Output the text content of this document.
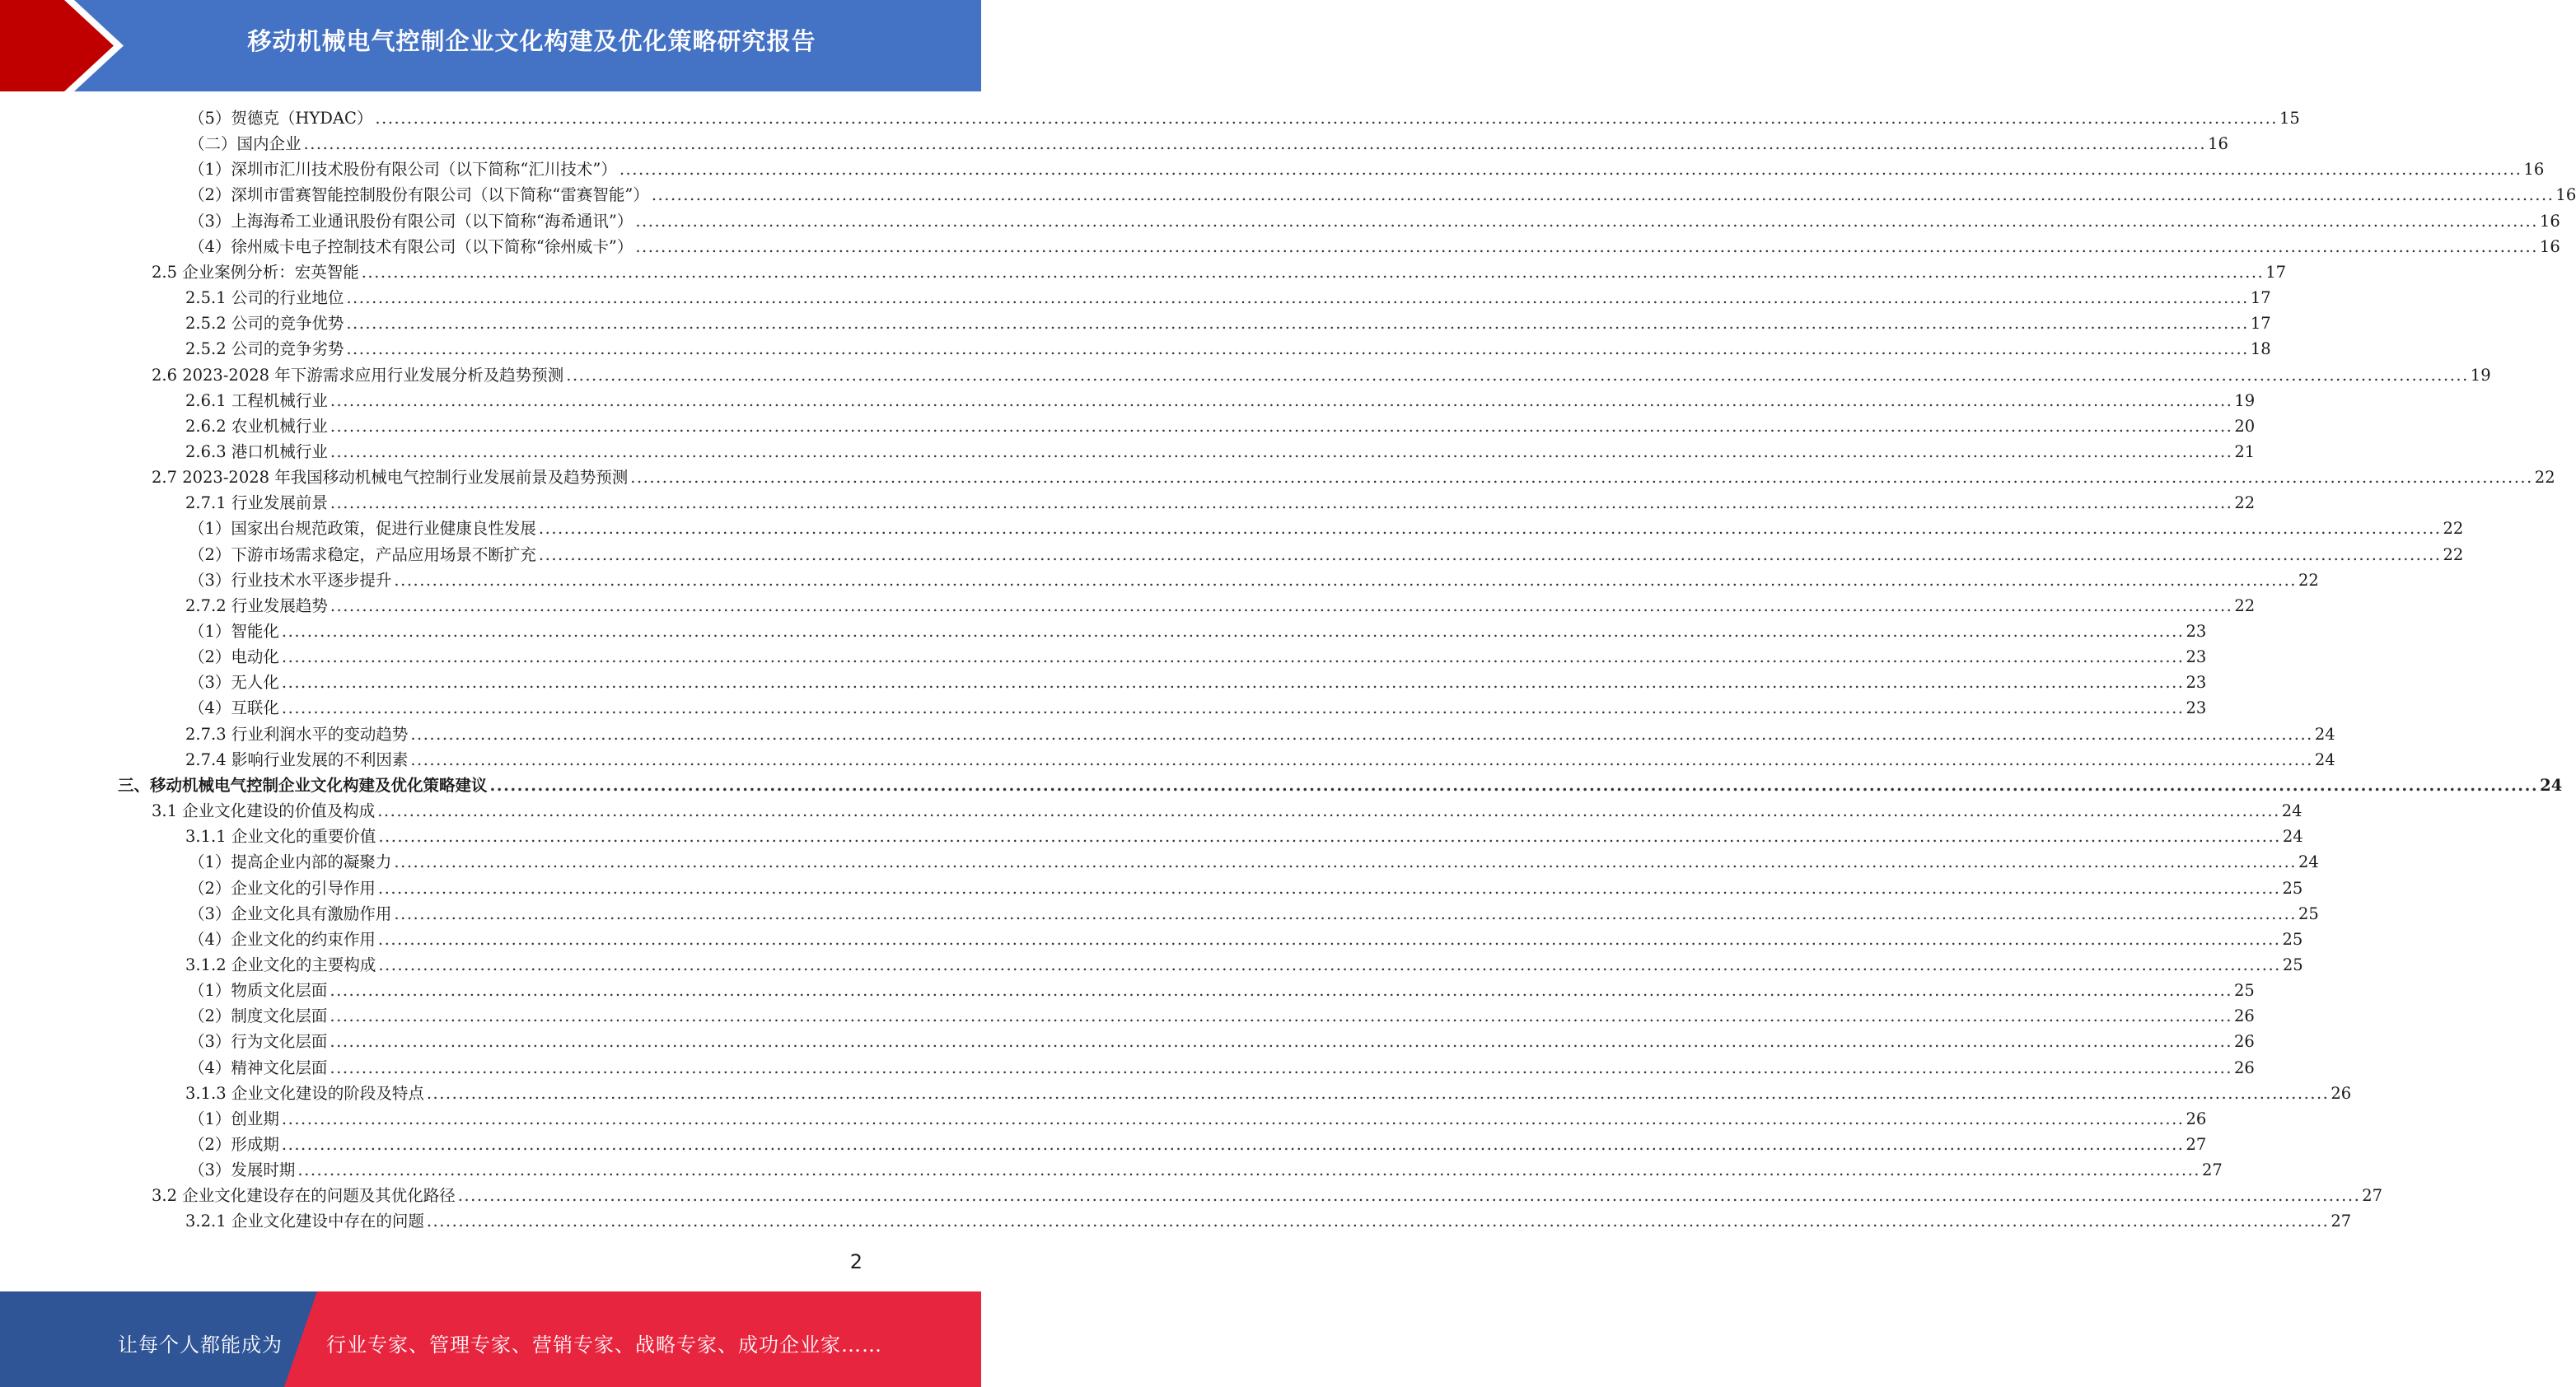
移动机械电气控制企业文化构建及优化策略研究报告
（5）贺德克（HYDAC） ............................................................................................................................................................................................................................................................................................................ 15
（二）国内企业 ............................................................................................................................................................................................................................................................................................................ 16
（1）深圳市汇川技术股份有限公司（以下简称“汇川技术”） ............................................................................................................................................................................................................................................................................................................ 16
（2）深圳市雷赛智能控制股份有限公司（以下简称“雷赛智能”） ............................................................................................................................................................................................................................................................................................................ 16
（3）上海海希工业通讯股份有限公司（以下简称“海希通讯”） ............................................................................................................................................................................................................................................................................................................ 16
（4）徐州威卡电子控制技术有限公司（以下简称“徐州威卡”） ............................................................................................................................................................................................................................................................................................................ 16
2.5 企业案例分析：宏英智能 ............................................................................................................................................................................................................................................................................................................ 17
2.5.1 公司的行业地位 ............................................................................................................................................................................................................................................................................................................ 17
2.5.2 公司的竞争优势 ............................................................................................................................................................................................................................................................................................................ 17
2.5.2 公司的竞争劣势 ............................................................................................................................................................................................................................................................................................................ 18
2.6 2023-2028 年下游需求应用行业发展分析及趋势预测 ............................................................................................................................................................................................................................................................................................................ 19
2.6.1 工程机械行业 ............................................................................................................................................................................................................................................................................................................ 19
2.6.2 农业机械行业 ............................................................................................................................................................................................................................................................................................................ 20
2.6.3 港口机械行业 ............................................................................................................................................................................................................................................................................................................ 21
2.7 2023-2028 年我国移动机械电气控制行业发展前景及趋势预测 ............................................................................................................................................................................................................................................................................................................ 22
2.7.1 行业发展前景 ............................................................................................................................................................................................................................................................................................................ 22
（1）国家出台规范政策，促进行业健康良性发展 ............................................................................................................................................................................................................................................................................................................ 22
（2）下游市场需求稳定，产品应用场景不断扩充 ............................................................................................................................................................................................................................................................................................................ 22
（3）行业技术水平逐步提升 ............................................................................................................................................................................................................................................................................................................ 22
2.7.2 行业发展趋势 ............................................................................................................................................................................................................................................................................................................ 22
（1）智能化 ............................................................................................................................................................................................................................................................................................................ 23
（2）电动化 ............................................................................................................................................................................................................................................................................................................ 23
（3）无人化 ............................................................................................................................................................................................................................................................................................................ 23
（4）互联化 ............................................................................................................................................................................................................................................................................................................ 23
2.7.3 行业利润水平的变动趋势 ............................................................................................................................................................................................................................................................................................................ 24
2.7.4 影响行业发展的不利因素 ............................................................................................................................................................................................................................................................................................................ 24
三、移动机械电气控制企业文化构建及优化策略建议 ............................................................................................................................................................................................................................................................................................................ 24
3.1 企业文化建设的价值及构成 ............................................................................................................................................................................................................................................................................................................ 24
3.1.1 企业文化的重要价值 ............................................................................................................................................................................................................................................................................................................ 24
（1）提高企业内部的凝聚力 ............................................................................................................................................................................................................................................................................................................ 24
（2）企业文化的引导作用 ............................................................................................................................................................................................................................................................................................................ 25
（3）企业文化具有激励作用 ............................................................................................................................................................................................................................................................................................................ 25
（4）企业文化的约束作用 ............................................................................................................................................................................................................................................................................................................ 25
3.1.2 企业文化的主要构成 ............................................................................................................................................................................................................................................................................................................ 25
（1）物质文化层面 ............................................................................................................................................................................................................................................................................................................ 25
（2）制度文化层面 ............................................................................................................................................................................................................................................................................................................ 26
（3）行为文化层面 ............................................................................................................................................................................................................................................................................................................ 26
（4）精神文化层面 ............................................................................................................................................................................................................................................................................................................ 26
3.1.3 企业文化建设的阶段及特点 ............................................................................................................................................................................................................................................................................................................ 26
（1）创业期 ............................................................................................................................................................................................................................................................................................................ 26
（2）形成期 ............................................................................................................................................................................................................................................................................................................ 27
（3）发展时期 ............................................................................................................................................................................................................................................................................................................ 27
3.2 企业文化建设存在的问题及其优化路径 ............................................................................................................................................................................................................................................................................................................ 27
3.2.1 企业文化建设中存在的问题 ............................................................................................................................................................................................................................................................................................................ 27
2
让每个人都能成为 行业专家、管理专家、营销专家、战略专家、成功企业家……
